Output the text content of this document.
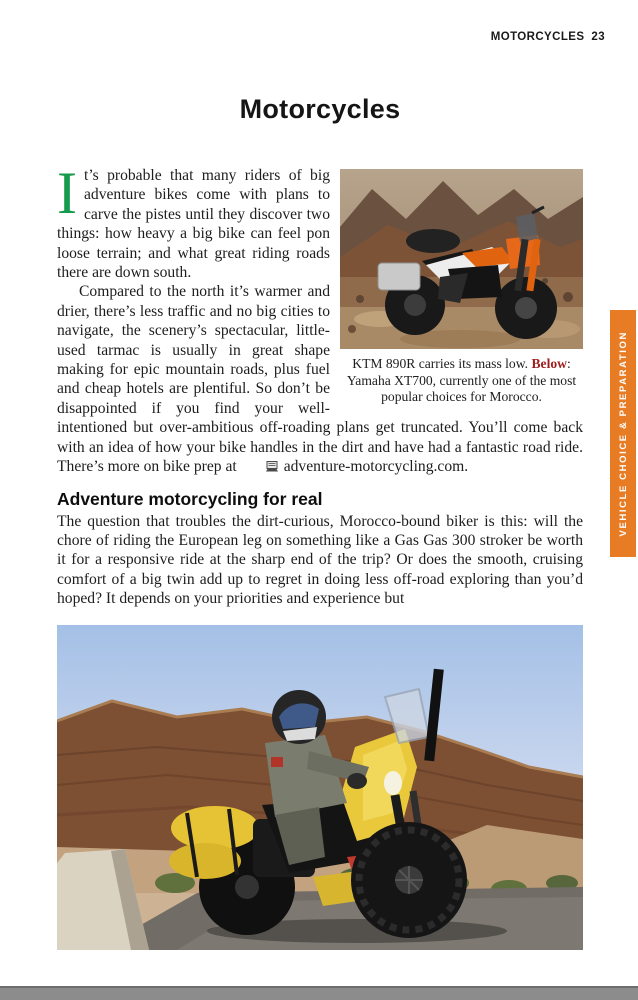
MOTORCYCLES 23
Motorcycles
KTM 890R carries its mass low. Below: Yamaha XT700, currently one of the most popular choices for Morocco.

It’s probable that many riders of big adventure bikes come with plans to carve the pistes until they discover two things: how heavy a big bike can feel pon loose terrain; and what great riding roads there are down south.

Compared to the north it’s warmer and drier, there’s less traffic and no big cities to navigate, the scenery’s spectacular, little-used tarmac is usually in great shape making for epic mountain roads, plus fuel and cheap hotels are plentiful. So don’t be disappointed if you find your well-intentioned but over-ambitious off-roading plans get truncated. You’ll come back with an idea of how your bike handles in the dirt and have had a fantastic road ride. There’s more on bike prep at	adventure-motorcycling.com.

Adventure motorcycling for real

The question that troubles the dirt-curious, Morocco-bound biker is this: will the chore of riding the European leg on something like a Gas Gas 300 stroker be worth it for a responsive ride at the sharp end of the trip? Or does the smooth, cruising comfort of a big twin add up to regret in doing less off-road exploring than you’d hoped? It depends on your priorities and experience but

VEHICLE CHOICE & PREPARATION
